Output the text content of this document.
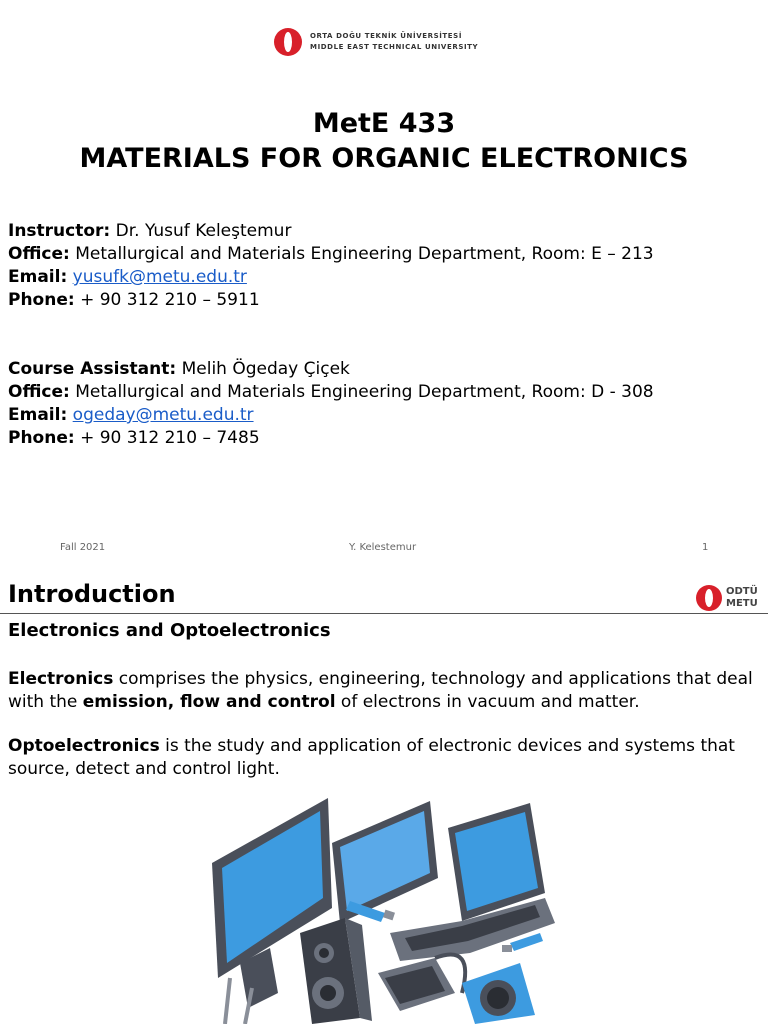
ORTA DOĞU TEKNİK ÜNİVERSİTESİ
MIDDLE EAST TECHNICAL UNIVERSITY
MetE 433
MATERIALS FOR ORGANIC ELECTRONICS
Instructor: Dr. Yusuf Keleştemur
Office: Metallurgical and Materials Engineering Department, Room: E – 213
Email: yusufk@metu.edu.tr
Phone: + 90 312 210 – 5911
Course Assistant: Melih Ögeday Çiçek
Office: Metallurgical and Materials Engineering Department, Room: D - 308
Email: ogeday@metu.edu.tr
Phone: + 90 312 210 – 7485
Fall 2021	Y. Kelestemur	1
Introduction	ODTÜ
METU
Electronics and Optoelectronics
Electronics comprises the physics, engineering, technology and applications that deal with the emission, flow and control of electrons in vacuum and matter.
Optoelectronics is the study and application of electronic devices and systems that source, detect and control light.
